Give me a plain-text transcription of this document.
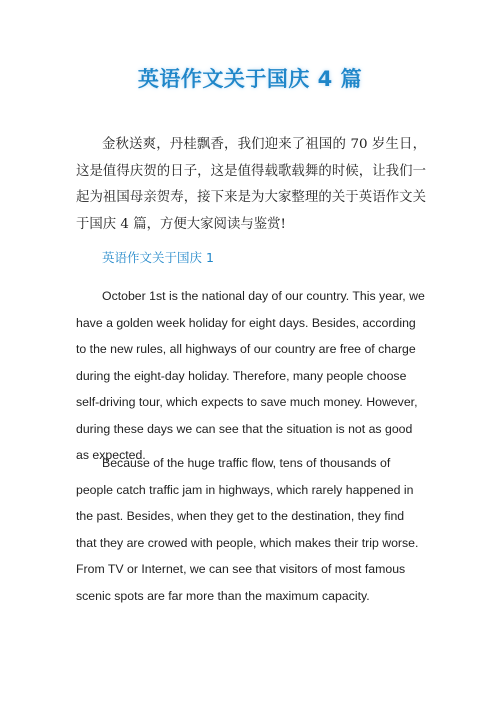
英语作文关于国庆 4 篇
金秋送爽，丹桂飘香，我们迎来了祖国的 70 岁生日，这是值得庆贺的日子，这是值得载歌载舞的时候，让我们一起为祖国母亲贺寿，接下来是为大家整理的关于英语作文关于国庆 4 篇，方便大家阅读与鉴赏!
英语作文关于国庆 1
October 1st is the national day of our country. This year, we have a golden week holiday for eight days. Besides, according to the new rules, all highways of our country are free of charge during the eight-day holiday. Therefore, many people choose self-driving tour, which expects to save much money. However, during these days we can see that the situation is not as good as expected.
Because of the huge traffic flow, tens of thousands of people catch traffic jam in highways, which rarely happened in the past. Besides, when they get to the destination, they find that they are crowed with people, which makes their trip worse. From TV or Internet, we can see that visitors of most famous scenic spots are far more than the maximum capacity.
